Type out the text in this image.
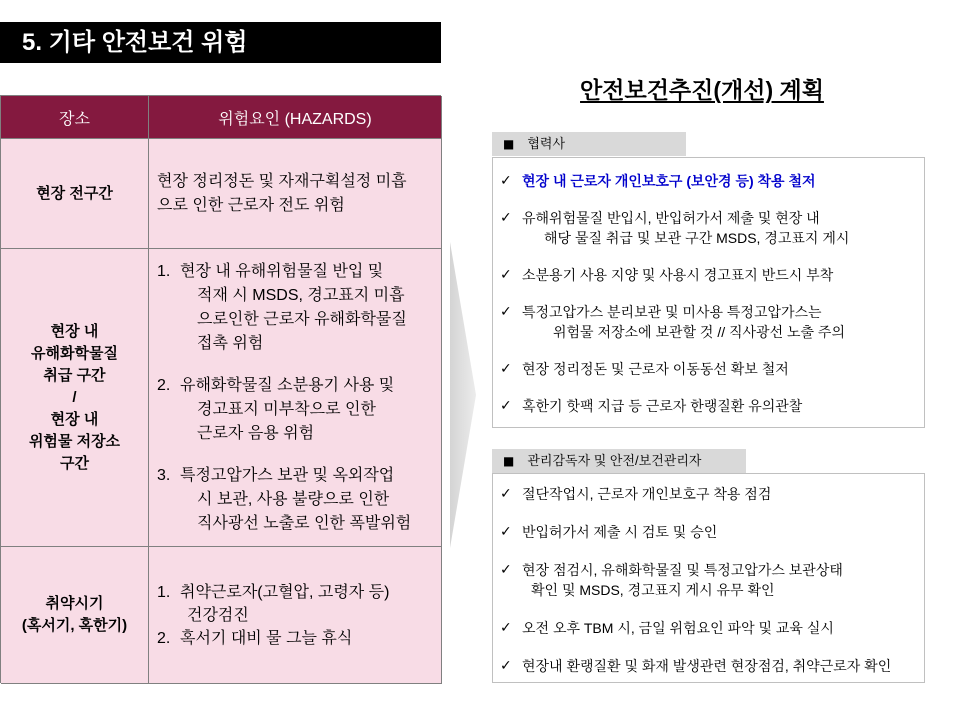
5. 기타 안전보건 위험
장소	위험요인 (HAZARDS)
현장 전구간
현장 정리정돈 및 자재구획설정 미흡
으로 인한 근로자 전도 위험
현장 내
유해화학물질
취급 구간
/
현장 내
위험물 저장소
구간
1. 현장 내 유해위험물질 반입 및
적재 시 MSDS, 경고표지 미흡
으로인한 근로자 유해화학물질
접촉 위험
2. 유해화학물질 소분용기 사용 및
경고표지 미부착으로 인한
근로자 음용 위험
3. 특정고압가스 보관 및 옥외작업
시 보관, 사용 불량으로 인한
직사광선 노출로 인한 폭발위험
취약시기
(혹서기, 혹한기)
1. 취약근로자(고혈압, 고령자 등)
건강검진
2. 혹서기 대비 물 그늘 휴식
안전보건추진(개선) 계획
■ 협력사
✓ 현장 내 근로자 개인보호구 (보안경 등) 착용 철저
✓ 유해위험물질 반입시, 반입허가서 제출 및 현장 내
해당 물질 취급 및 보관 구간 MSDS, 경고표지 게시
✓ 소분용기 사용 지양 및 사용시 경고표지 반드시 부착
✓ 특정고압가스 분리보관 및 미사용 특정고압가스는
위험물 저장소에 보관할 것 // 직사광선 노출 주의
✓ 현장 정리정돈 및 근로자 이동동선 확보 철저
✓ 혹한기 핫팩 지급 등 근로자 한랭질환 유의관찰
■ 관리감독자 및 안전/보건관리자
✓ 절단작업시, 근로자 개인보호구 착용 점검
✓ 반입허가서 제출 시 검토 및 승인
✓ 현장 점검시, 유해화학물질 및 특정고압가스 보관상태
확인 및 MSDS, 경고표지 게시 유무 확인
✓ 오전 오후 TBM 시, 금일 위험요인 파악 및 교육 실시
✓ 현장내 환랭질환 및 화재 발생관련 현장점검, 취약근로자 확인
